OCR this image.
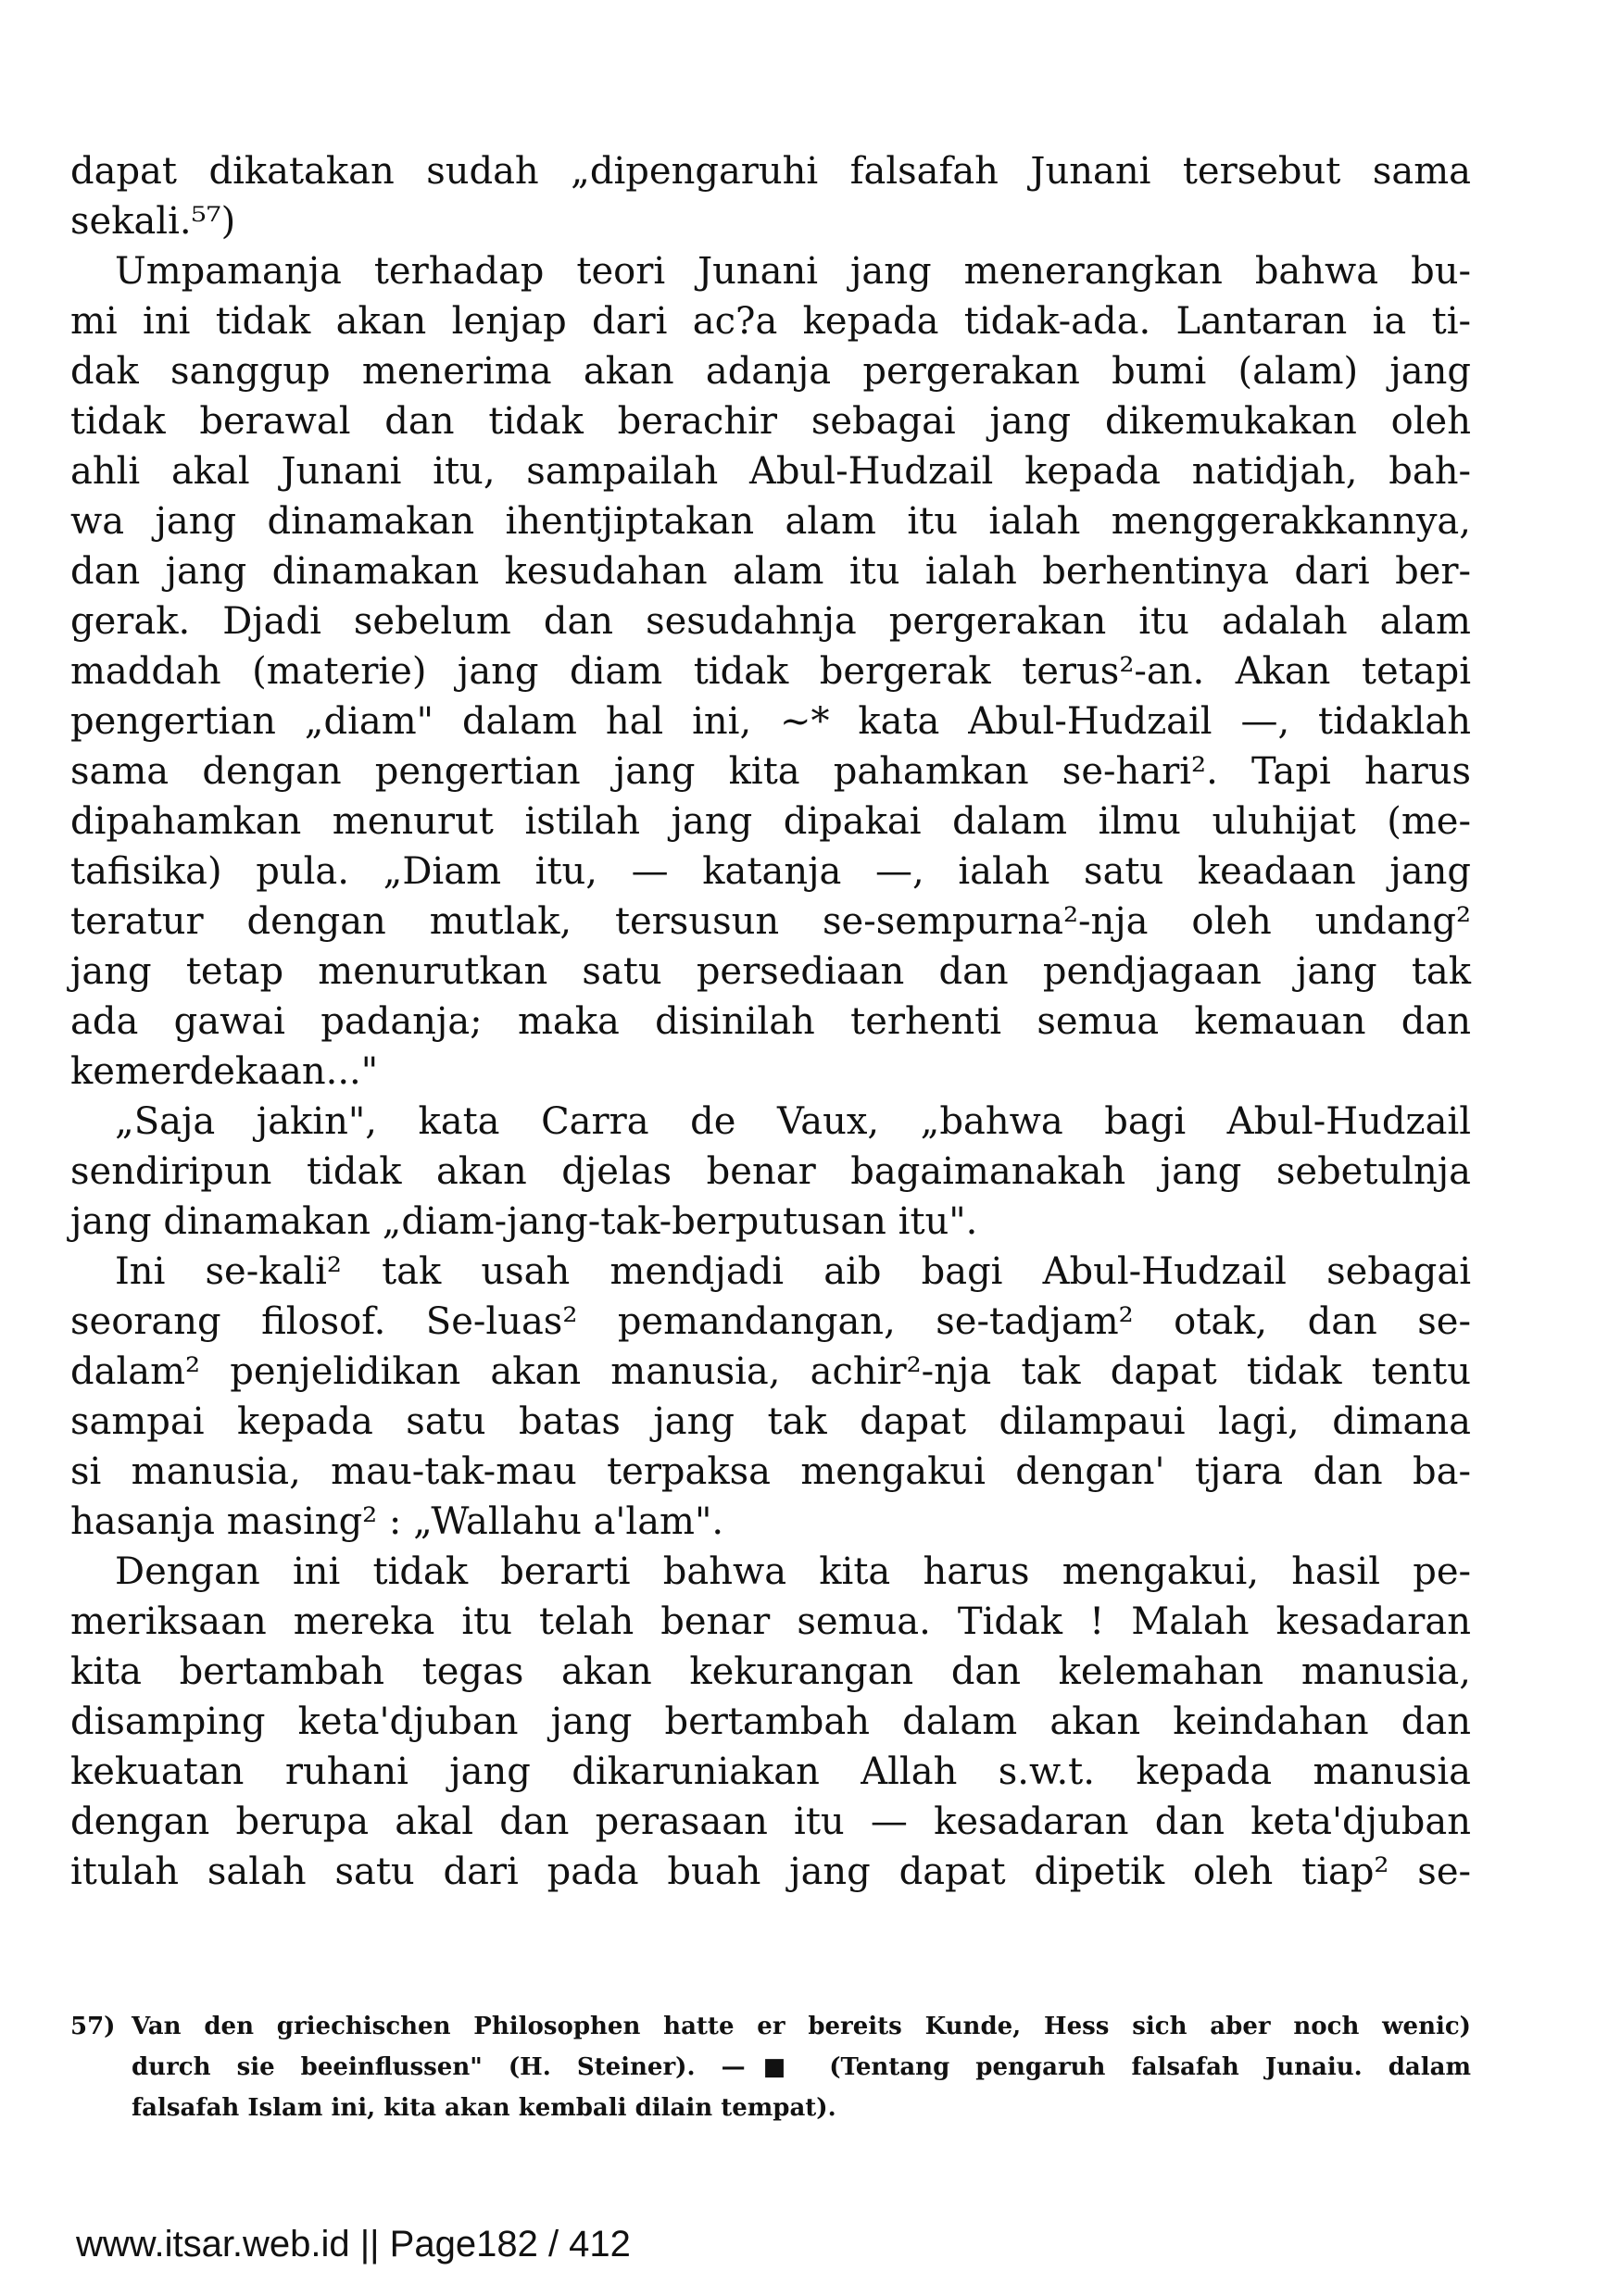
dapat dikatakan sudah „dipengaruhi falsafah Junani tersebut sama
sekali.⁵⁷)
Umpamanja terhadap teori Junani jang menerangkan bahwa bu-
mi ini tidak akan lenjap dari ac?a kepada tidak-ada. Lantaran ia ti-
dak sanggup menerima akan adanja pergerakan bumi (alam) jang
tidak berawal dan tidak berachir sebagai jang dikemukakan oleh
ahli akal Junani itu, sampailah Abul-Hudzail kepada natidjah, bah-
wa jang dinamakan ihentjiptakan alam itu ialah menggerakkannya,
dan jang dinamakan kesudahan alam itu ialah berhentinya dari ber-
gerak. Djadi sebelum dan sesudahnja pergerakan itu adalah alam
maddah (materie) jang diam tidak bergerak terus²-an. Akan tetapi
pengertian „diam" dalam hal ini, ~* kata Abul-Hudzail —, tidaklah
sama dengan pengertian jang kita pahamkan se-hari². Tapi harus
dipahamkan menurut istilah jang dipakai dalam ilmu uluhijat (me-
tafisika) pula. „Diam itu, — katanja —, ialah satu keadaan jang
teratur dengan mutlak, tersusun se-sempurna²-nja oleh undang²
jang tetap menurutkan satu persediaan dan pendjagaan jang tak
ada gawai padanja; maka disinilah terhenti semua kemauan dan
kemerdekaan..."
„Saja jakin", kata Carra de Vaux, „bahwa bagi Abul-Hudzail
sendiripun tidak akan djelas benar bagaimanakah jang sebetulnja
jang dinamakan „diam-jang-tak-berputusan itu".
Ini se-kali² tak usah mendjadi aib bagi Abul-Hudzail sebagai
seorang filosof. Se-luas² pemandangan, se-tadjam² otak, dan se-
dalam² penjelidikan akan manusia, achir²-nja tak dapat tidak tentu
sampai kepada satu batas jang tak dapat dilampaui lagi, dimana
si manusia, mau-tak-mau terpaksa mengakui dengan' tjara dan ba-
hasanja masing² : „Wallahu a'lam".
Dengan ini tidak berarti bahwa kita harus mengakui, hasil pe-
meriksaan mereka itu telah benar semua. Tidak ! Malah kesadaran
kita bertambah tegas akan kekurangan dan kelemahan manusia,
disamping keta'djuban jang bertambah dalam akan keindahan dan
kekuatan ruhani jang dikaruniakan Allah s.w.t. kepada manusia
dengan berupa akal dan perasaan itu — kesadaran dan keta'djuban
itulah salah satu dari pada buah jang dapat dipetik oleh tiap² se-
57) Van den griechischen Philosophen hatte er bereits Kunde, Hess sich aber noch wenic)
durch sie beeinflussen" (H. Steiner). —■ (Tentang pengaruh falsafah Junaiu. dalam
falsafah Islam ini, kita akan kembali dilain tempat).
www.itsar.web.id || Page182 / 412
